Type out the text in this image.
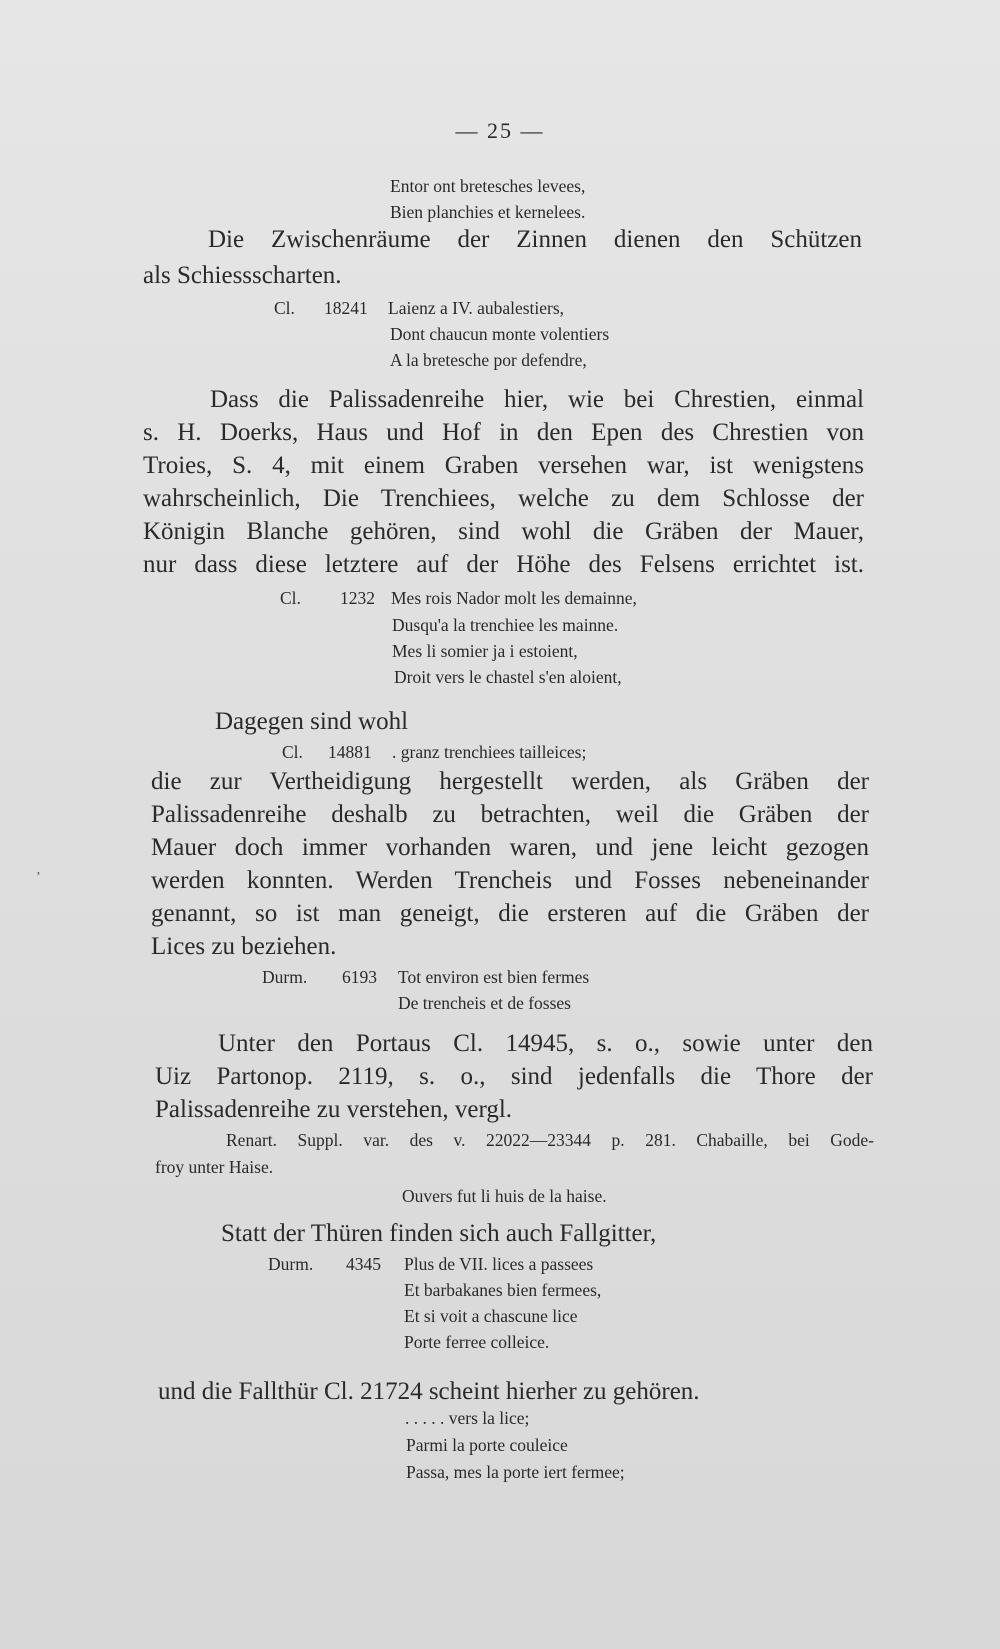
— 25 —
Entor ont bretesches levees,
Bien planchies et kernelees.
Die Zwischenräume der Zinnen dienen den Schützen
als Schiessscharten.
Cl. 18241 Laienz a IV. aubalestiers,
Dont chaucun monte volentiers
A la bretesche por defendre,
Dass die Palissadenreihe hier, wie bei Chrestien, einmal
s. H. Doerks, Haus und Hof in den Epen des Chrestien von
Troies, S. 4, mit einem Graben versehen war, ist wenigstens
wahrscheinlich, Die Trenchiees, welche zu dem Schlosse der
Königin Blanche gehören, sind wohl die Gräben der Mauer,
nur dass diese letztere auf der Höhe des Felsens errichtet ist.
Cl. 1232 Mes rois Nador molt les demainne,
Dusqu'a la trenchiee les mainne.
Mes li somier ja i estoient,
Droit vers le chastel s'en aloient,
Dagegen sind wohl
Cl. 14881 . granz trenchiees tailleices;
die zur Vertheidigung hergestellt werden, als Gräben der
Palissadenreihe deshalb zu betrachten, weil die Gräben der
Mauer doch immer vorhanden waren, und jene leicht gezogen
werden konnten. Werden Trencheis und Fosses nebeneinander
genannt, so ist man geneigt, die ersteren auf die Gräben der
Lices zu beziehen.
Durm. 6193 Tot environ est bien fermes
De trencheis et de fosses
Unter den Portaus Cl. 14945, s. o., sowie unter den
Uiz Partonop. 2119, s. o., sind jedenfalls die Thore der
Palissadenreihe zu verstehen, vergl.
Renart. Suppl. var. des v. 22022—23344 p. 281. Chabaille, bei Gode-
froy unter Haise.
Ouvers fut li huis de la haise.
Statt der Thüren finden sich auch Fallgitter,
Durm. 4345 Plus de VII. lices a passees
Et barbakanes bien fermees,
Et si voit a chascune lice
Porte ferree colleice.
und die Fallthür Cl. 21724 scheint hierher zu gehören.
. . . . . vers la lice;
Parmi la porte couleice
Passa, mes la porte iert fermee;
ʼ
